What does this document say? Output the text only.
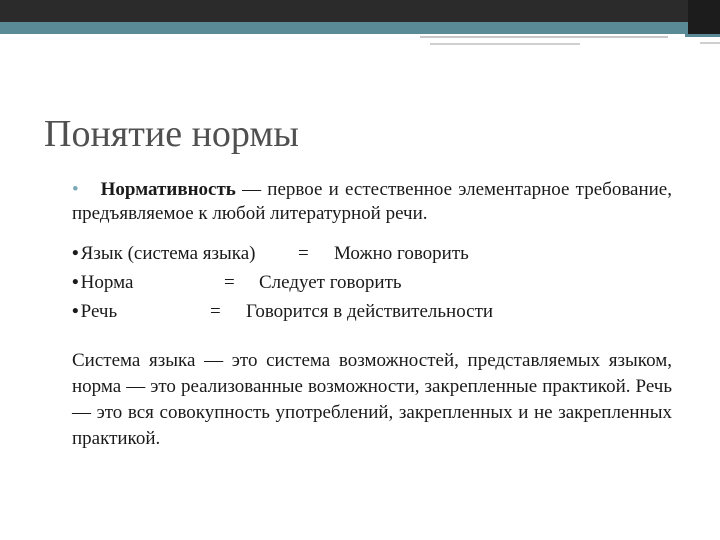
Понятие нормы
• Нормативность — первое и естественное элементарное требование, предъявляемое к любой литературной речи.
• Язык (система языка) = Можно говорить
• Норма	= Следует говорить
• Речь	= Говорится в действительности
Система языка — это система возможностей, представляемых языком, норма — это реализованные возможности, закрепленные практикой. Речь — это вся совокупность употреблений, закрепленных и не закрепленных практикой.
